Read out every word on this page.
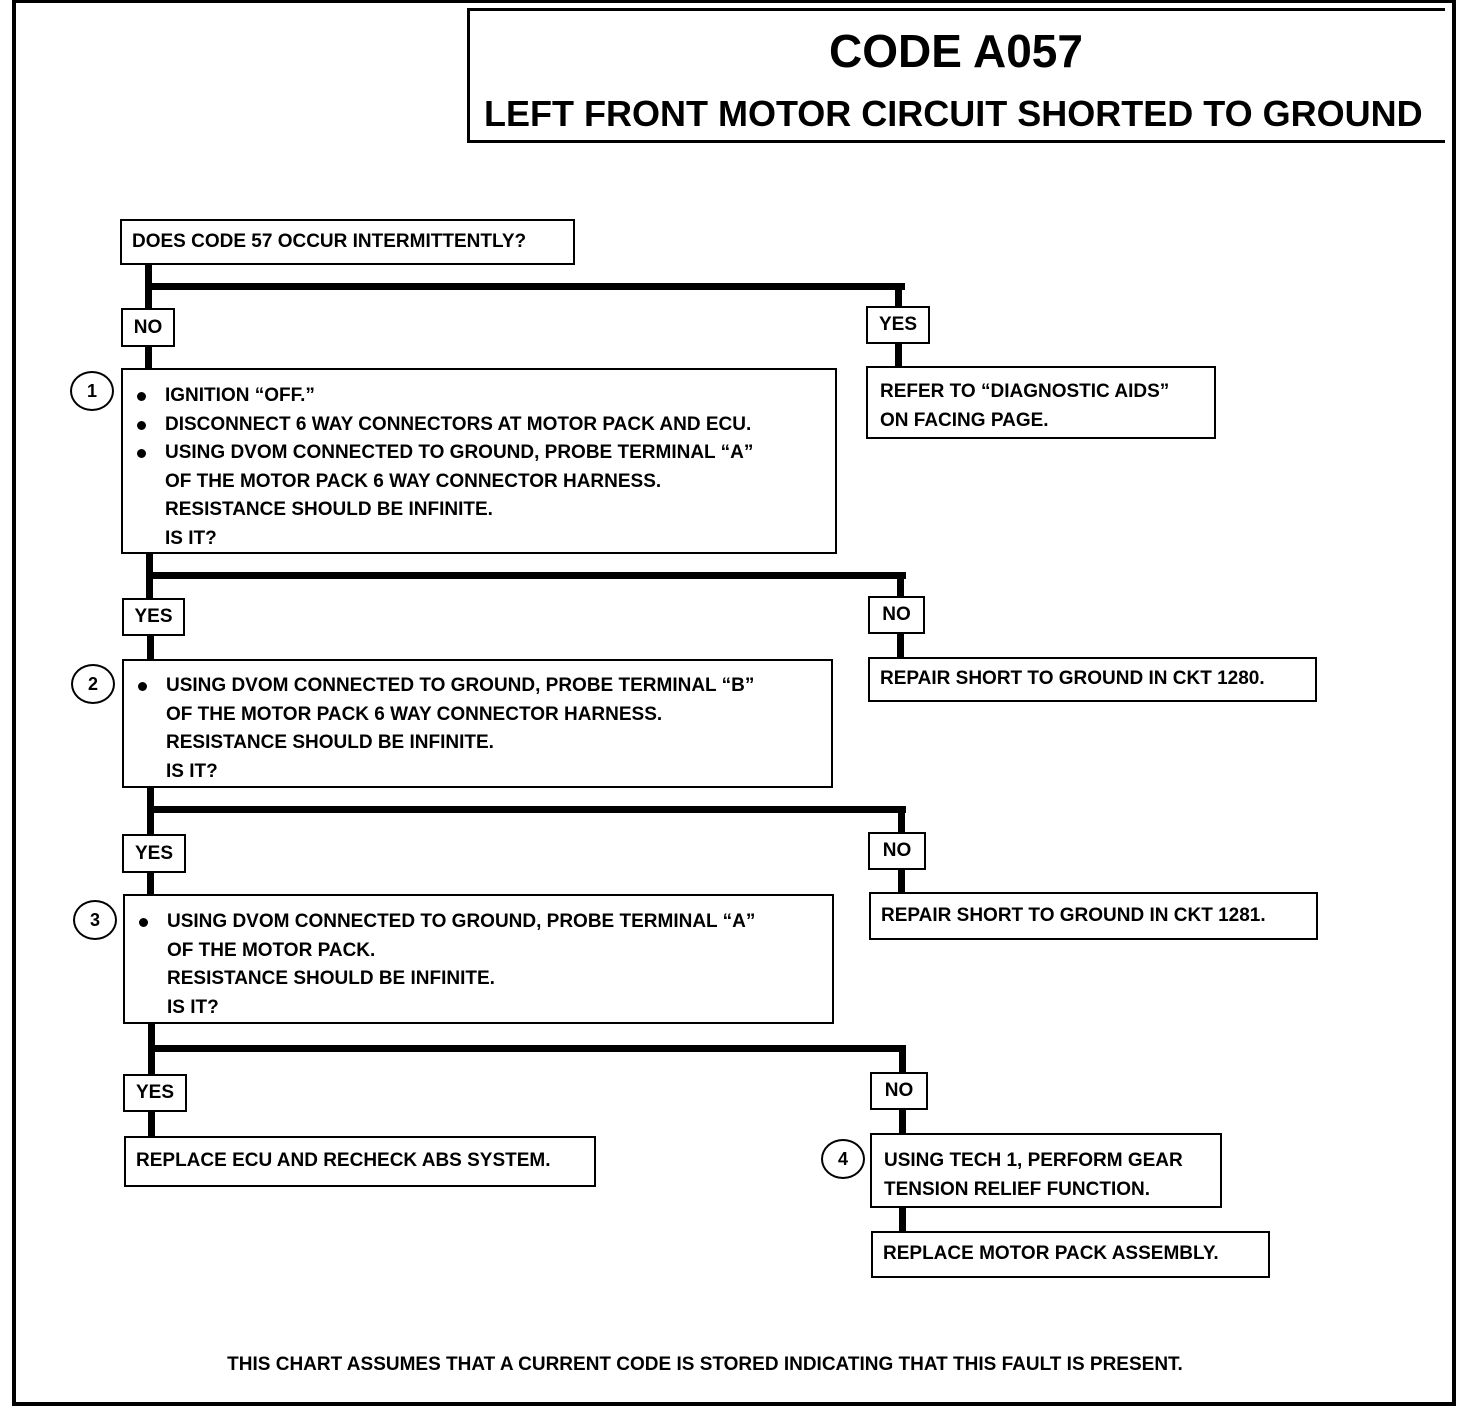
CODE A057
LEFT FRONT MOTOR CIRCUIT SHORTED TO GROUND
DOES CODE 57 OCCUR INTERMITTENTLY?
NO	YES
REFER TO “DIAGNOSTIC AIDS”
ON FACING PAGE.
1	IGNITION “OFF.”
DISCONNECT 6 WAY CONNECTORS AT MOTOR PACK AND ECU.
USING DVOM CONNECTED TO GROUND, PROBE TERMINAL “A”
OF THE MOTOR PACK 6 WAY CONNECTOR HARNESS.
RESISTANCE SHOULD BE INFINITE.
IS IT?
YES	NO
REPAIR SHORT TO GROUND IN CKT 1280.
2	USING DVOM CONNECTED TO GROUND, PROBE TERMINAL “B”
OF THE MOTOR PACK 6 WAY CONNECTOR HARNESS.
RESISTANCE SHOULD BE INFINITE.
IS IT?
YES	NO
REPAIR SHORT TO GROUND IN CKT 1281.
3	USING DVOM CONNECTED TO GROUND, PROBE TERMINAL “A”
OF THE MOTOR PACK.
RESISTANCE SHOULD BE INFINITE.
IS IT?
YES	NO
REPLACE ECU AND RECHECK ABS SYSTEM.	4	USING TECH 1, PERFORM GEAR
TENSION RELIEF FUNCTION.
REPLACE MOTOR PACK ASSEMBLY.
THIS CHART ASSUMES THAT A CURRENT CODE IS STORED INDICATING THAT THIS FAULT IS PRESENT.
